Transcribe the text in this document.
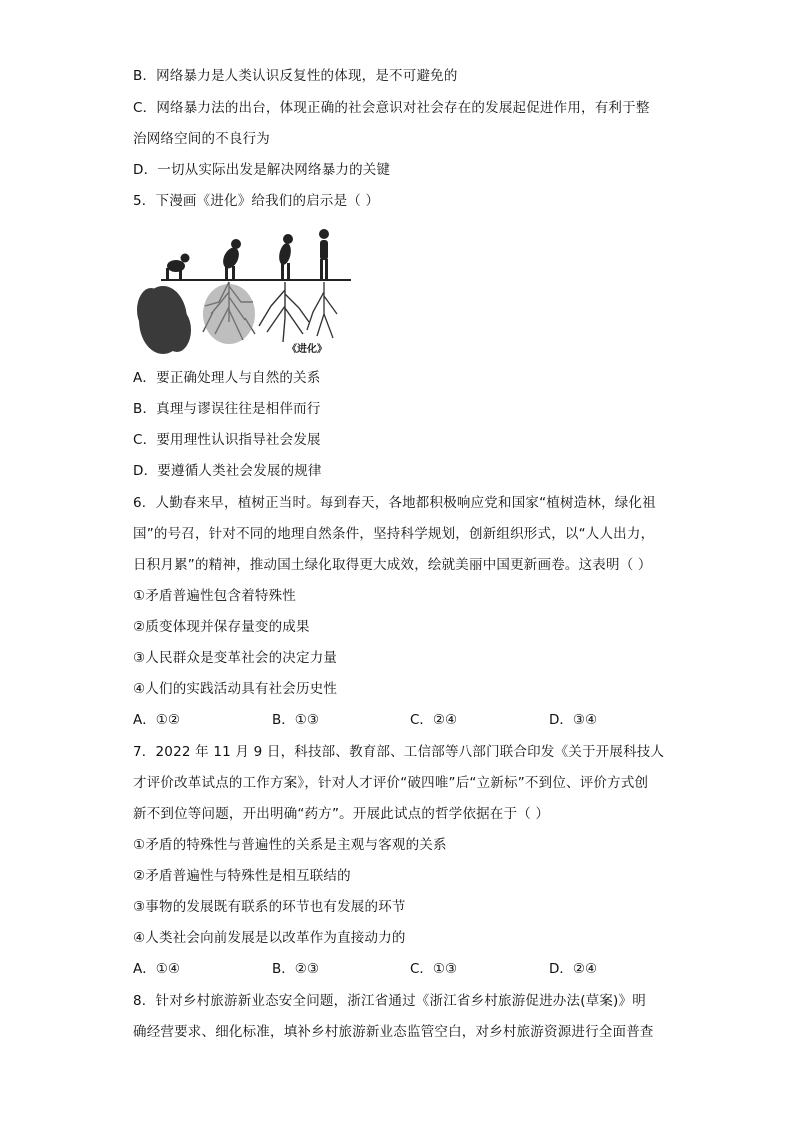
B．网络暴力是人类认识反复性的体现，是不可避免的
C．网络暴力法的出台，体现正确的社会意识对社会存在的发展起促进作用，有利于整
治网络空间的不良行为
D．一切从实际出发是解决网络暴力的关键
5．下漫画《进化》给我们的启示是（ ）
《进化》
A．要正确处理人与自然的关系
B．真理与谬误往往是相伴而行
C．要用理性认识指导社会发展
D．要遵循人类社会发展的规律
6．人勤春来早，植树正当时。每到春天，各地都积极响应党和国家“植树造林，绿化祖
国”的号召，针对不同的地理自然条件，坚持科学规划，创新组织形式，以“人人出力，
日积月累”的精神，推动国土绿化取得更大成效，绘就美丽中国更新画卷。这表明（ ）
①矛盾普遍性包含着特殊性
②质变体现并保存量变的成果
③人民群众是变革社会的决定力量
④人们的实践活动具有社会历史性
A．①②	B．①③	C．②④	D．③④
7．2022 年 11 月 9 日，科技部、教育部、工信部等八部门联合印发《关于开展科技人
才评价改革试点的工作方案》，针对人才评价“破四唯”后“立新标”不到位、评价方式创
新不到位等问题，开出明确“药方”。开展此试点的哲学依据在于（ ）
①矛盾的特殊性与普遍性的关系是主观与客观的关系
②矛盾普遍性与特殊性是相互联结的
③事物的发展既有联系的环节也有发展的环节
④人类社会向前发展是以改革作为直接动力的
A．①④	B．②③	C．①③	D．②④
8．针对乡村旅游新业态安全问题，浙江省通过《浙江省乡村旅游促进办法(草案)》明
确经营要求、细化标准，填补乡村旅游新业态监管空白，对乡村旅游资源进行全面普查
